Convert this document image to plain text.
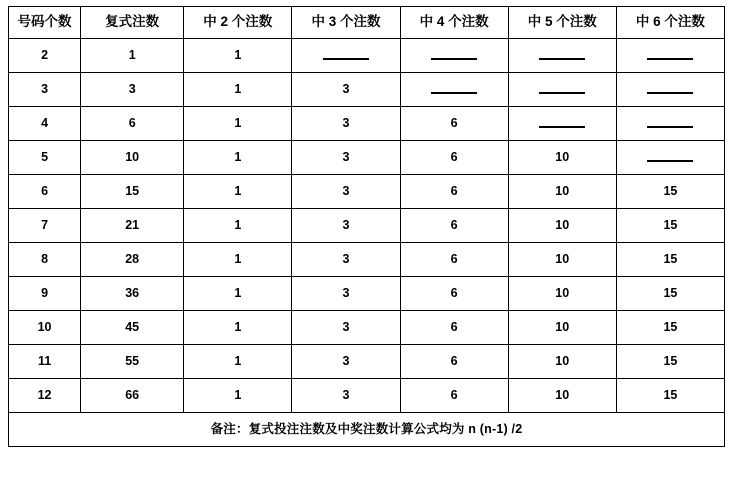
号码个数	复式注数	中 2 个注数	中 3 个注数	中 4 个注数	中 5 个注数	中 6 个注数
2	1	1				
3	3	1	3			
4	6	1	3	6		
5	10	1	3	6	10	
6	15	1	3	6	10	15
7	21	1	3	6	10	15
8	28	1	3	6	10	15
9	36	1	3	6	10	15
10	45	1	3	6	10	15
11	55	1	3	6	10	15
12	66	1	3	6	10	15
备注：复式投注注数及中奖注数计算公式均为 n (n-1) /2						
